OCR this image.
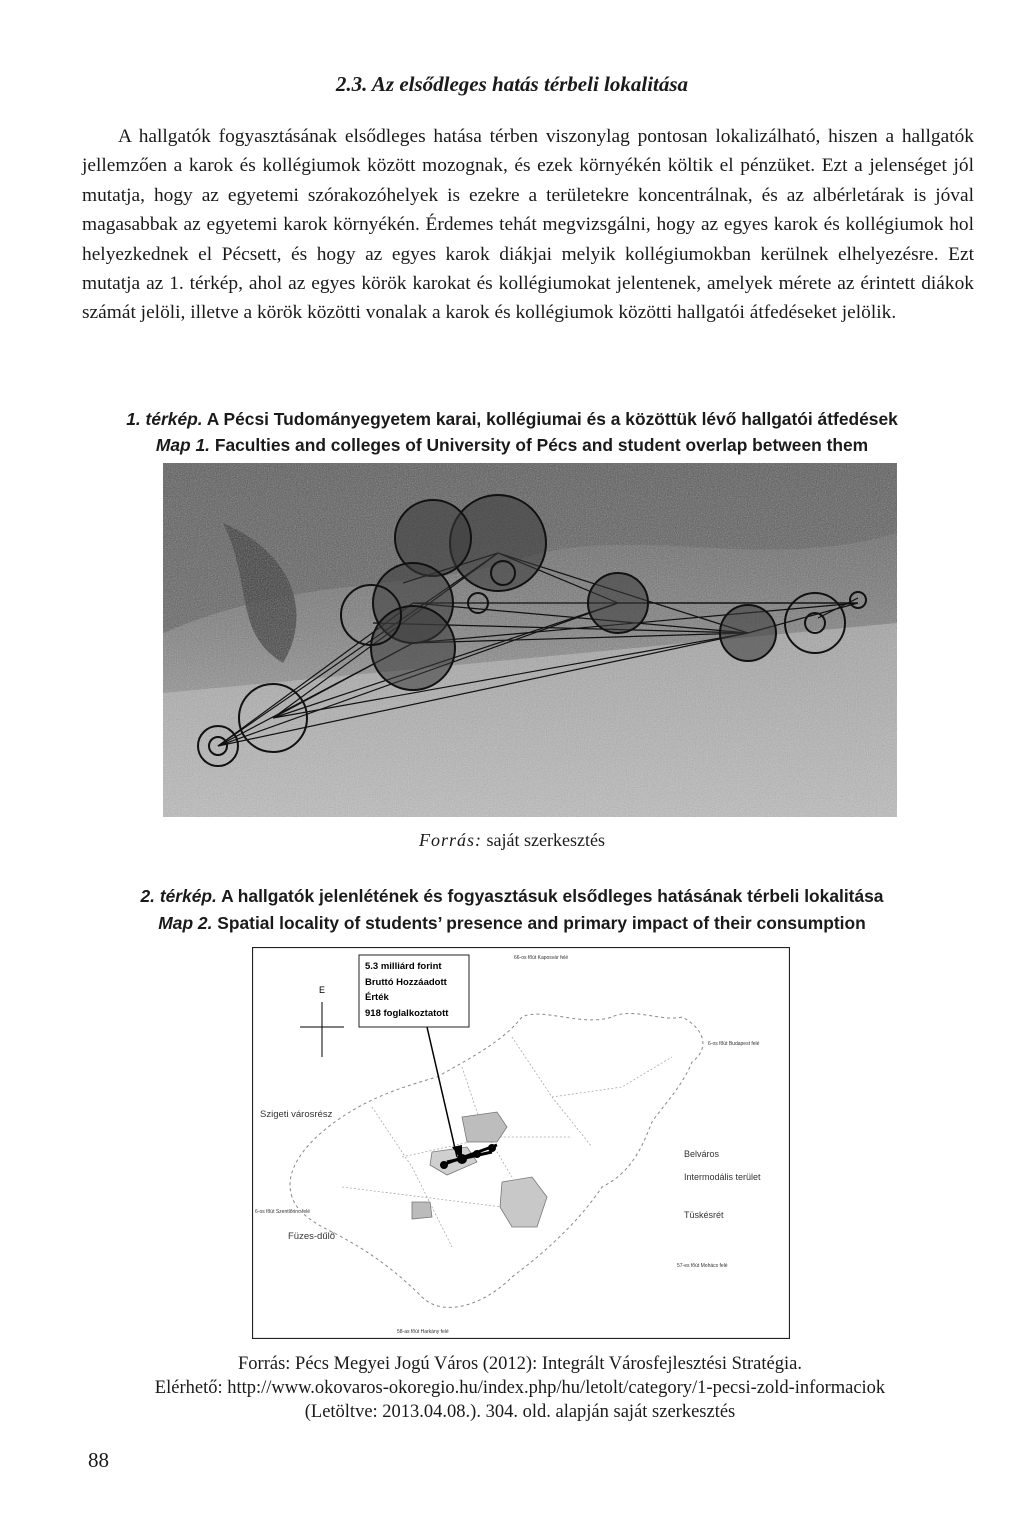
2.3. Az elsődleges hatás térbeli lokalitása
A hallgatók fogyasztásának elsődleges hatása térben viszonylag pontosan lokalizálható, hiszen a hallgatók jellemzően a karok és kollégiumok között mozognak, és ezek környékén költik el pénzüket. Ezt a jelenséget jól mutatja, hogy az egyetemi szórakozóhelyek is ezekre a területekre koncentrálnak, és az albérletárak is jóval magasabbak az egyetemi karok környékén. Érdemes tehát megvizsgálni, hogy az egyes karok és kollégiumok hol helyezkednek el Pécsett, és hogy az egyes karok diákjai melyik kollégiumokban kerülnek elhelyezésre. Ezt mutatja az 1. térkép, ahol az egyes körök karokat és kollégiumokat jelentenek, amelyek mérete az érintett diákok számát jelöli, illetve a körök közötti vonalak a karok és kollégiumok közötti hallgatói átfedéseket jelölik.
1. térkép. A Pécsi Tudományegyetem karai, kollégiumai és a közöttük lévő hallgatói átfedések
Map 1. Faculties and colleges of University of Pécs and student overlap between them
Forrás: saját szerkesztés
2. térkép. A hallgatók jelenlétének és fogyasztásuk elsődleges hatásának térbeli lokalitása
Map 2. Spatial locality of students’ presence and primary impact of their consumption
5.3 milliárd forint
Bruttó Hozzáadott
Érték
918 foglalkoztatott
E
Szigeti városrész
Füzes-dűlő
Belváros
Intermodális terület
Tüskésrét
66-os főút Kaposvár felé
6-os főút Budapest felé
6-os főút Szentlőrinc felé
57-es főút Mohács felé
58-as főút Harkány felé
Forrás: Pécs Megyei Jogú Város (2012): Integrált Városfejlesztési Stratégia.
Elérhető: http://www.okovaros-okoregio.hu/index.php/hu/letolt/category/1-pecsi-zold-informaciok
(Letöltve: 2013.04.08.). 304. old. alapján saját szerkesztés
88
